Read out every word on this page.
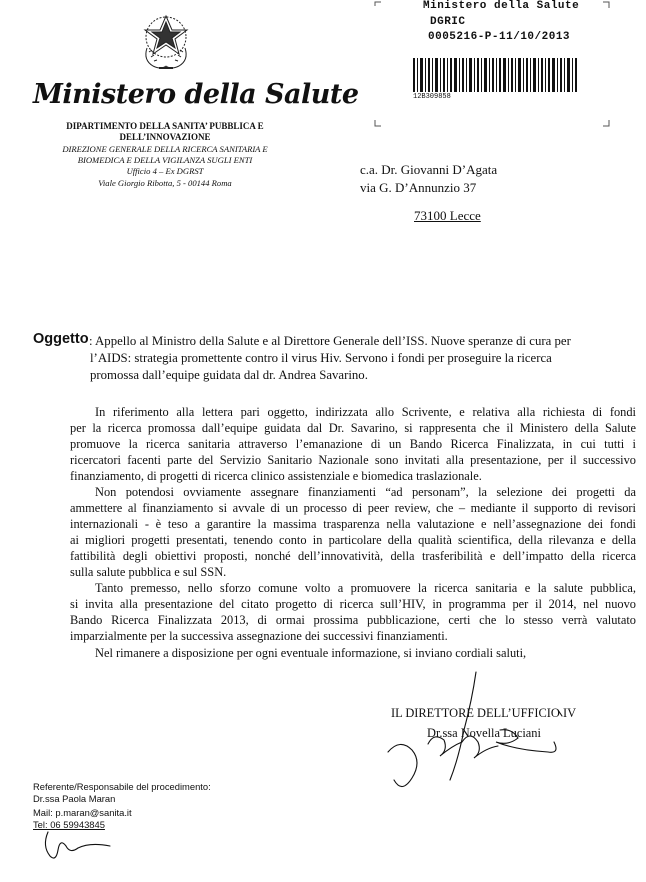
Ministero della Salute
DGRIC
0005216-P-11/10/2013
12B309858
Ministero della Salute
DIPARTIMENTO DELLA SANITA’ PUBBLICA E
DELL’INNOVAZIONE
DIREZIONE GENERALE DELLA RICERCA SANITARIA E
BIOMEDICA E DELLA VIGILANZA SUGLI ENTI
Ufficio 4 – Ex DGRST
Viale Giorgio Ribotta, 5 - 00144 Roma
c.a. Dr. Giovanni D’Agata
via G. D’Annunzio 37
73100 Lecce
Oggetto : Appello al Ministro della Salute e al Direttore Generale dell’ISS. Nuove speranze di cura per
l’AIDS: strategia promettente contro il virus Hiv. Servono i fondi per proseguire la ricerca
promossa dall’equipe guidata dal dr. Andrea Savarino.
In riferimento alla lettera pari oggetto, indirizzata allo Scrivente, e relativa alla richiesta di fondi
per la ricerca promossa dall’equipe guidata dal Dr. Savarino, si rappresenta che il Ministero della Salute
promuove la ricerca sanitaria attraverso l’emanazione di un Bando Ricerca Finalizzata, in cui tutti i
ricercatori facenti parte del Servizio Sanitario Nazionale sono invitati alla presentazione, per il successivo
finanziamento, di progetti di ricerca clinico assistenziale e biomedica traslazionale.
Non potendosi ovviamente assegnare finanziamenti “ad personam”, la selezione dei progetti da
ammettere al finanziamento si avvale di un processo di peer review, che – mediante il supporto di revisori
internazionali - è teso a garantire la massima trasparenza nella valutazione e nell’assegnazione dei fondi
ai migliori progetti presentati, tenendo conto in particolare della qualità scientifica, della rilevanza e della
fattibilità degli obiettivi proposti, nonché dell’innovatività, della trasferibilità e dell’impatto della ricerca
sulla salute pubblica e sul SSN.
Tanto premesso, nello sforzo comune volto a promuovere la ricerca sanitaria e la salute pubblica,
si invita alla presentazione del citato progetto di ricerca sull’HIV, in programma per il 2014, nel nuovo
Bando Ricerca Finalizzata 2013, di ormai prossima pubblicazione, certi che lo stesso verrà valutato
imparzialmente per la successiva assegnazione dei successivi finanziamenti.
Nel rimanere a disposizione per ogni eventuale informazione, si inviano cordiali saluti,
IL DIRETTORE DELL’UFFICIO IV
Dr.ssa Novella Luciani
Referente/Responsabile del procedimento:
Dr.ssa Paola Maran
Mail: p.maran@sanita.it
Tel: 06 59943845
